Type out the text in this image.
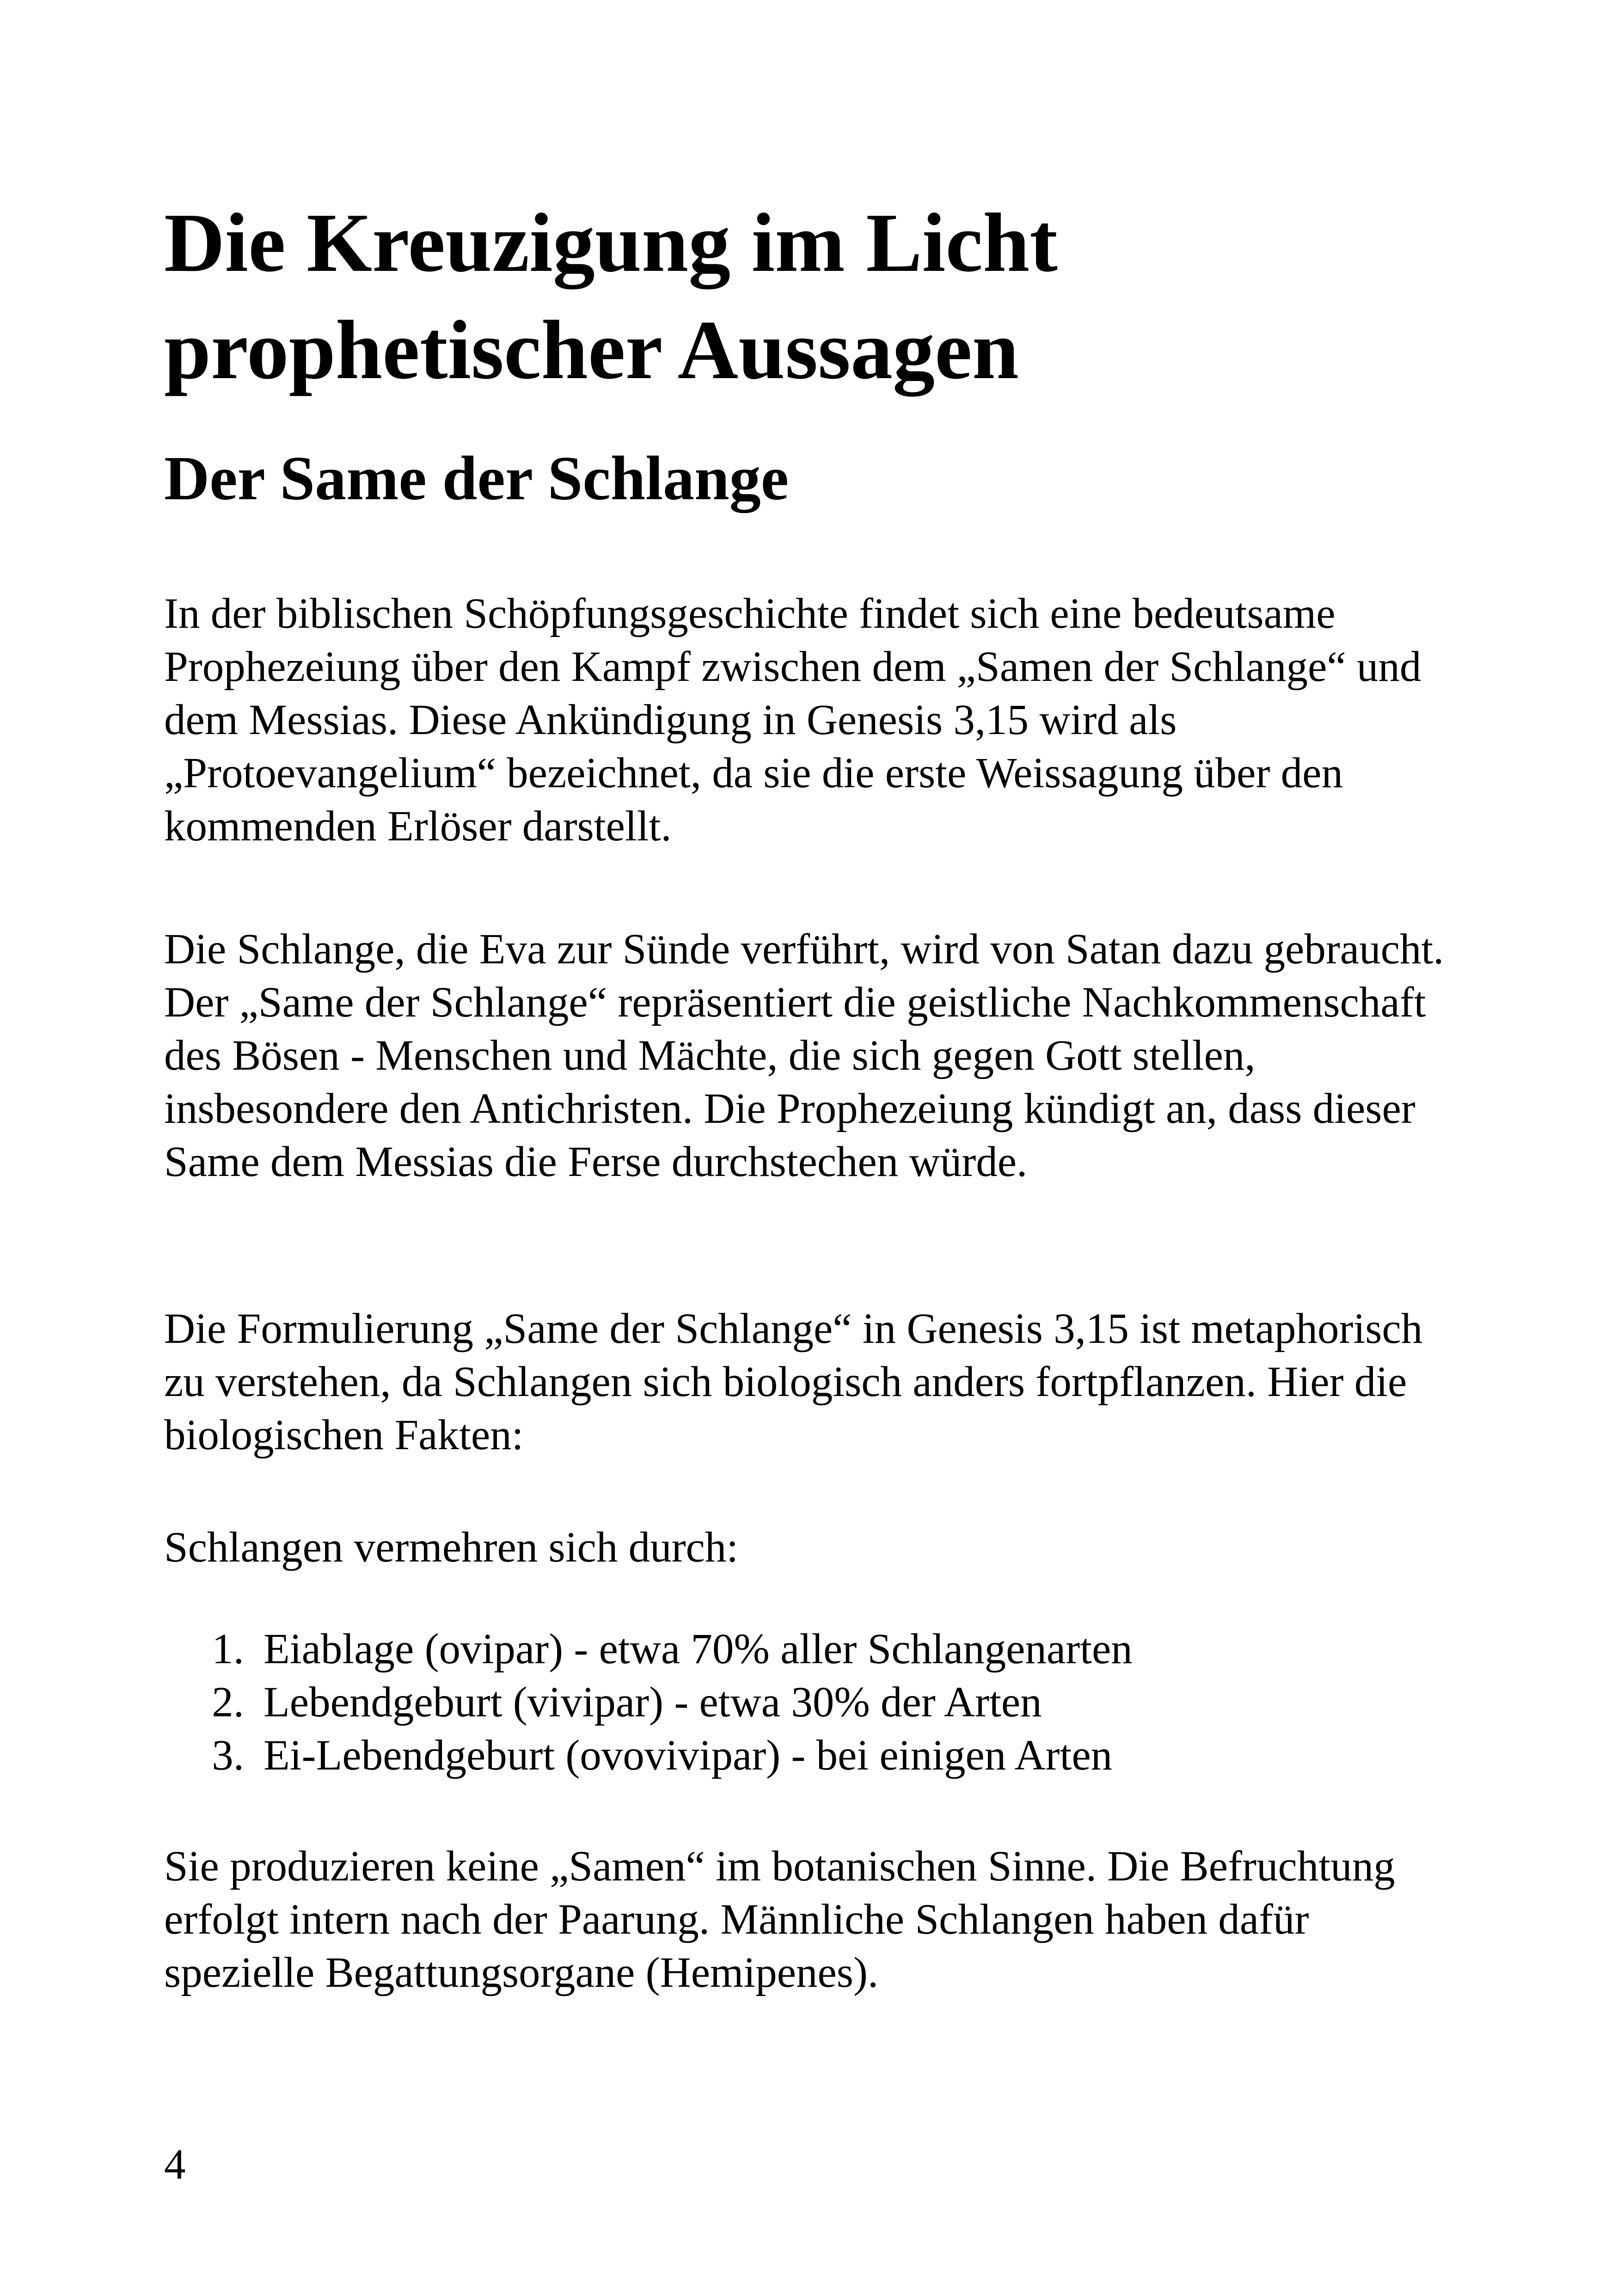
Die Kreuzigung im Licht prophetischer Aussagen
Der Same der Schlange

In der biblischen Schöpfungsgeschichte findet sich eine bedeutsame Prophezeiung über den Kampf zwischen dem „Samen der Schlange“ und dem Messias. Diese Ankündigung in Genesis 3,15 wird als „Protoevangelium“ bezeichnet, da sie die erste Weissagung über den kommenden Erlöser darstellt.

Die Schlange, die Eva zur Sünde verführt, wird von Satan dazu gebraucht. Der „Same der Schlange“ repräsentiert die geistliche Nachkommenschaft des Bösen - Menschen und Mächte, die sich gegen Gott stellen, insbesondere den Antichristen. Die Prophezeiung kündigt an, dass dieser Same dem Messias die Ferse durchstechen würde.

Die Formulierung „Same der Schlange“ in Genesis 3,15 ist metaphorisch zu verstehen, da Schlangen sich biologisch anders fortpflanzen. Hier die biologischen Fakten:

Schlangen vermehren sich durch:

1. Eiablage (ovipar) - etwa 70% aller Schlangenarten
2. Lebendgeburt (vivipar) - etwa 30% der Arten
3. Ei-Lebendgeburt (ovovivipar) - bei einigen Arten

Sie produzieren keine „Samen“ im botanischen Sinne. Die Befruchtung erfolgt intern nach der Paarung. Männliche Schlangen haben dafür spezielle Begattungsorgane (Hemipenes).

4
